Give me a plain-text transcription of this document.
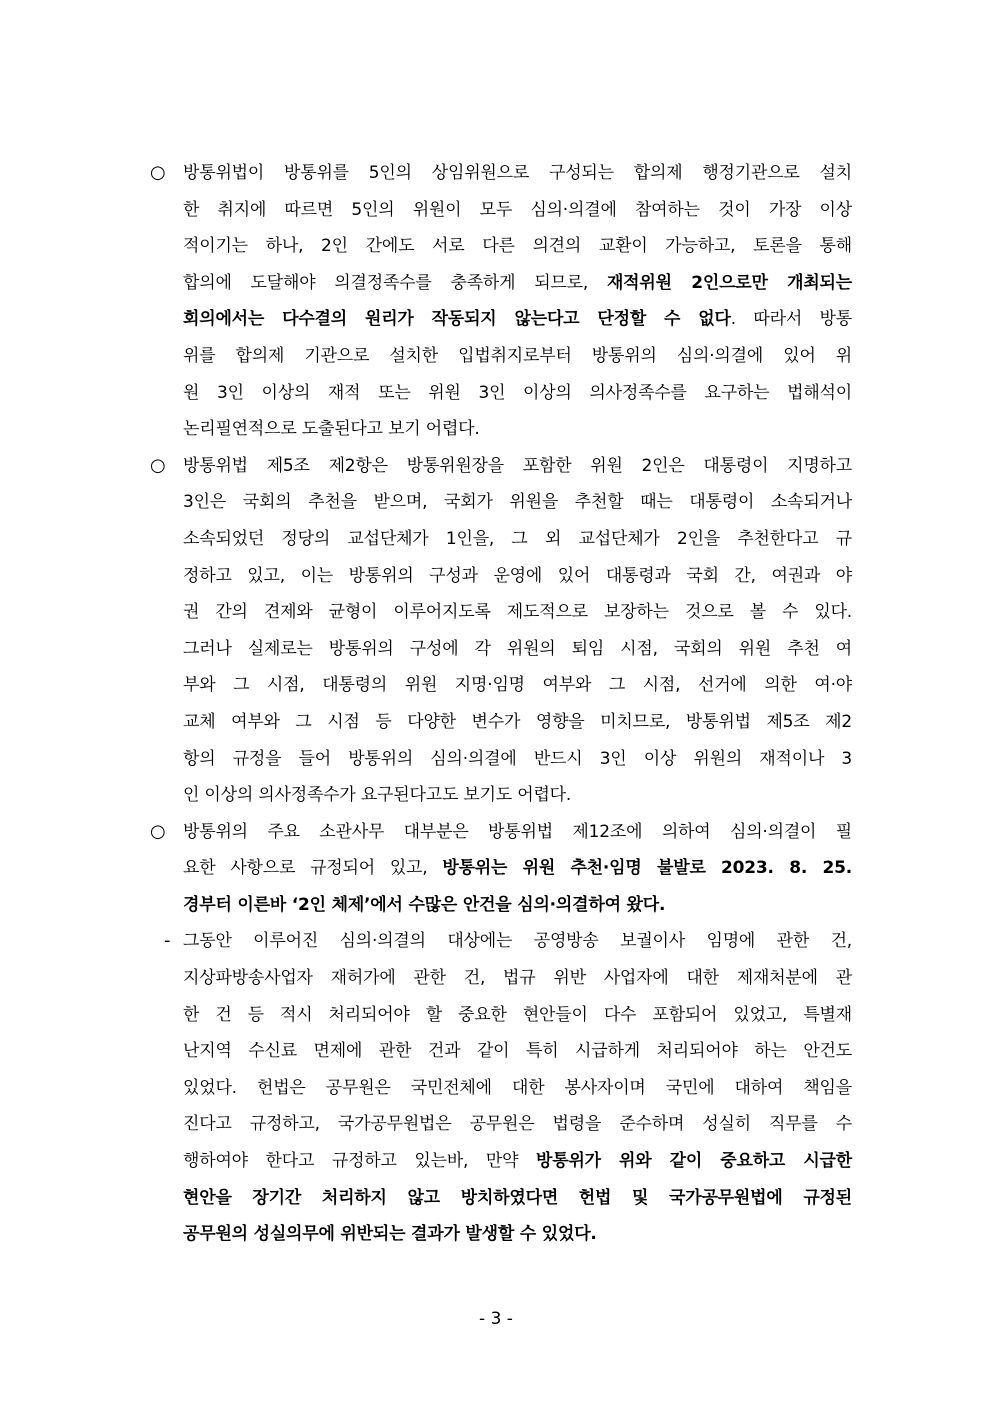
○ 방통위법이 방통위를 5인의 상임위원으로 구성되는 합의제 행정기관으로 설치
한 취지에 따르면 5인의 위원이 모두 심의·의결에 참여하는 것이 가장 이상
적이기는 하나, 2인 간에도 서로 다른 의견의 교환이 가능하고, 토론을 통해
합의에 도달해야 의결정족수를 충족하게 되므로, 재적위원 2인으로만 개최되는
회의에서는 다수결의 원리가 작동되지 않는다고 단정할 수 없다. 따라서 방통
위를 합의제 기관으로 설치한 입법취지로부터 방통위의 심의·의결에 있어 위
원 3인 이상의 재적 또는 위원 3인 이상의 의사정족수를 요구하는 법해석이
논리필연적으로 도출된다고 보기 어렵다.
○ 방통위법 제5조 제2항은 방통위원장을 포함한 위원 2인은 대통령이 지명하고
3인은 국회의 추천을 받으며, 국회가 위원을 추천할 때는 대통령이 소속되거나
소속되었던 정당의 교섭단체가 1인을, 그 외 교섭단체가 2인을 추천한다고 규
정하고 있고, 이는 방통위의 구성과 운영에 있어 대통령과 국회 간, 여권과 야
권 간의 견제와 균형이 이루어지도록 제도적으로 보장하는 것으로 볼 수 있다.
그러나 실제로는 방통위의 구성에 각 위원의 퇴임 시점, 국회의 위원 추천 여
부와 그 시점, 대통령의 위원 지명·임명 여부와 그 시점, 선거에 의한 여·야
교체 여부와 그 시점 등 다양한 변수가 영향을 미치므로, 방통위법 제5조 제2
항의 규정을 들어 방통위의 심의·의결에 반드시 3인 이상 위원의 재적이나 3
인 이상의 의사정족수가 요구된다고도 보기도 어렵다.
○ 방통위의 주요 소관사무 대부분은 방통위법 제12조에 의하여 심의·의결이 필
요한 사항으로 규정되어 있고, 방통위는 위원 추천·임명 불발로 2023. 8. 25.
경부터 이른바 ‘2인 체제’에서 수많은 안건을 심의·의결하여 왔다.
- 그동안 이루어진 심의·의결의 대상에는 공영방송 보궐이사 임명에 관한 건,
지상파방송사업자 재허가에 관한 건, 법규 위반 사업자에 대한 제재처분에 관
한 건 등 적시 처리되어야 할 중요한 현안들이 다수 포함되어 있었고, 특별재
난지역 수신료 면제에 관한 건과 같이 특히 시급하게 처리되어야 하는 안건도
있었다. 헌법은 공무원은 국민전체에 대한 봉사자이며 국민에 대하여 책임을
진다고 규정하고, 국가공무원법은 공무원은 법령을 준수하며 성실히 직무를 수
행하여야 한다고 규정하고 있는바, 만약 방통위가 위와 같이 중요하고 시급한
현안을 장기간 처리하지 않고 방치하였다면 헌법 및 국가공무원법에 규정된
공무원의 성실의무에 위반되는 결과가 발생할 수 있었다.
- 3 -
